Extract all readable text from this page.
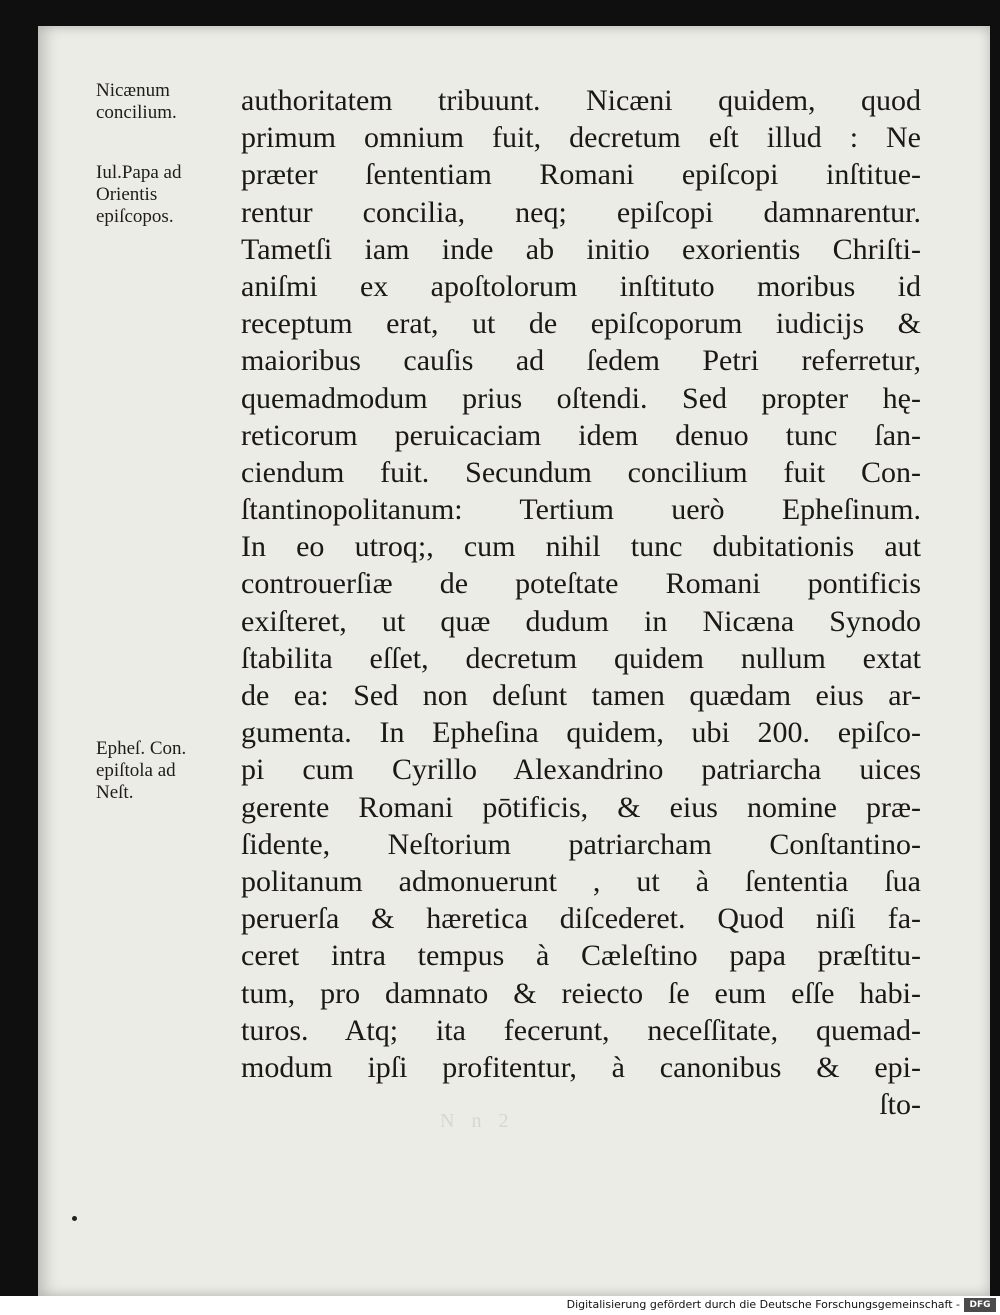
Nicænum
concilium.
Iul.Papa ad
Orientis
epiſcopos.
Epheſ. Con.
epiſtola ad
Neſt.
authoritatem tribuunt. Nicæni quidem, quod
primum omnium fuit, decretum eſt illud : Ne
præter ſententiam Romani epiſcopi inſtitue-
rentur concilia, neq; epiſcopi damnarentur.
Tametſi iam inde ab initio exorientis Chriſti-
aniſmi ex apoſtolorum inſtituto moribus id
receptum erat, ut de epiſcoporum iudicijs &
maioribus cauſis ad ſedem Petri referretur,
quemadmodum prius oſtendi. Sed propter hę-
reticorum peruicaciam idem denuo tunc ſan-
ciendum fuit. Secundum concilium fuit Con-
ſtantinopolitanum: Tertium uerò Epheſinum.
In eo utroq;, cum nihil tunc dubitationis aut
controuerſiæ de poteſtate Romani pontificis
exiſteret, ut quæ dudum in Nicæna Synodo
ſtabilita eſſet, decretum quidem nullum extat
de ea: Sed non deſunt tamen quædam eius ar-
gumenta. In Epheſina quidem, ubi 200. epiſco-
pi cum Cyrillo Alexandrino patriarcha uices
gerente Romani pōtificis, & eius nomine præ-
ſidente, Neſtorium patriarcham Conſtantino-
politanum admonuerunt , ut à ſententia ſua
peruerſa & hæretica diſcederet. Quod niſi fa-
ceret intra tempus à Cæleſtino papa præſtitu-
tum, pro damnato & reiecto ſe eum eſſe habi-
turos. Atq; ita fecerunt, neceſſitate, quemad-
modum ipſi profitentur, à canonibus & epi-
ſto-
N n 2
Digitalisierung gefördert durch die Deutsche Forschungsgemeinschaft -	DFG
